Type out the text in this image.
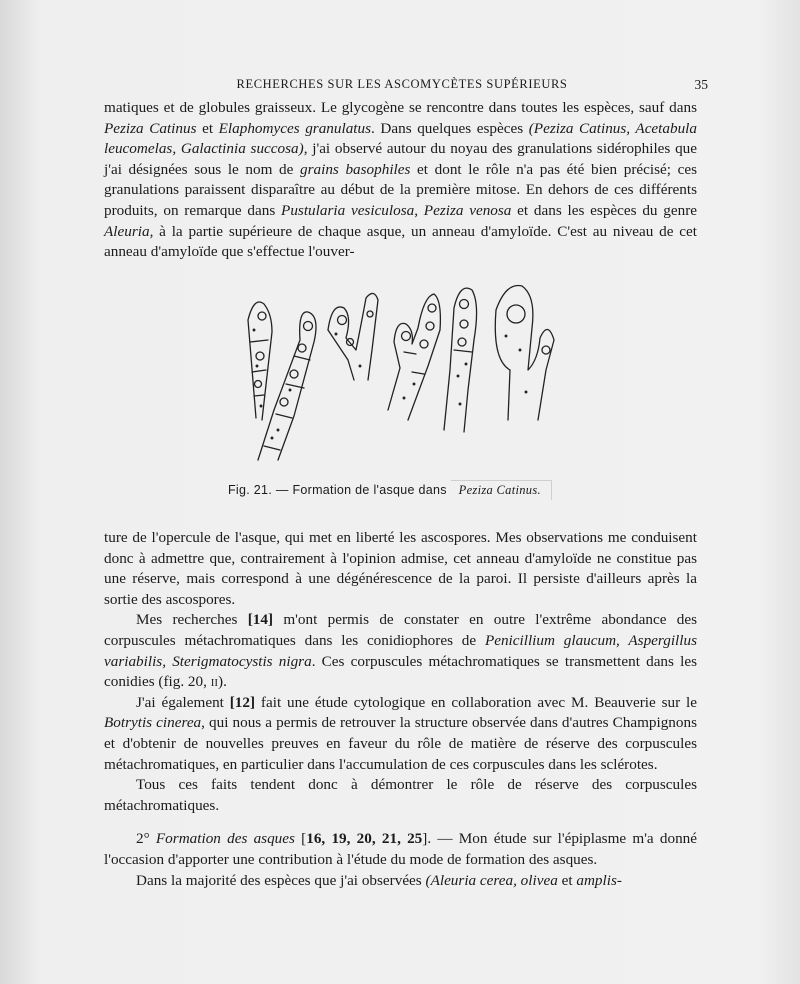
RECHERCHES SUR LES ASCOMYCÈTES SUPÉRIEURS	35

matiques et de globules graisseux. Le glycogène se rencontre dans toutes les espèces, sauf dans Peziza Catinus et Elaphomyces granulatus. Dans quelques espèces (Peziza Catinus, Acetabula leucomelas, Galactinia succosa), j'ai observé autour du noyau des granulations sidérophiles que j'ai désignées sous le nom de grains basophiles et dont le rôle n'a pas été bien précisé; ces granulations paraissent disparaître au début de la première mitose. En dehors de ces différents produits, on remarque dans Pustularia vesiculosa, Peziza venosa et dans les espèces du genre Aleuria, à la partie supérieure de chaque asque, un anneau d'amyloïde. C'est au niveau de cet anneau d'amyloïde que s'effectue l'ouver-

Fig. 21. — Formation de l'asque dans Peziza Catinus.

ture de l'opercule de l'asque, qui met en liberté les ascospores. Mes observations me conduisent donc à admettre que, contrairement à l'opinion admise, cet anneau d'amyloïde ne constitue pas une réserve, mais correspond à une dégénérescence de la paroi. Il persiste d'ailleurs après la sortie des ascospores.

Mes recherches [14] m'ont permis de constater en outre l'extrême abondance des corpuscules métachromatiques dans les conidiophores de Penicillium glaucum, Aspergillus variabilis, Sterigmatocystis nigra. Ces corpuscules métachromatiques se transmettent dans les conidies (fig. 20, ii).

J'ai également [12] fait une étude cytologique en collaboration avec M. Beauverie sur le Botrytis cinerea, qui nous a permis de retrouver la structure observée dans d'autres Champignons et d'obtenir de nouvelles preuves en faveur du rôle de matière de réserve des corpuscules métachromatiques, en particulier dans l'accumulation de ces corpuscules dans les sclérotes.

Tous ces faits tendent donc à démontrer le rôle de réserve des corpuscules métachromatiques.

2° Formation des asques [16, 19, 20, 21, 25]. — Mon étude sur l'épiplasme m'a donné l'occasion d'apporter une contribution à l'étude du mode de formation des asques.

Dans la majorité des espèces que j'ai observées (Aleuria cerea, olivea et amplis-
